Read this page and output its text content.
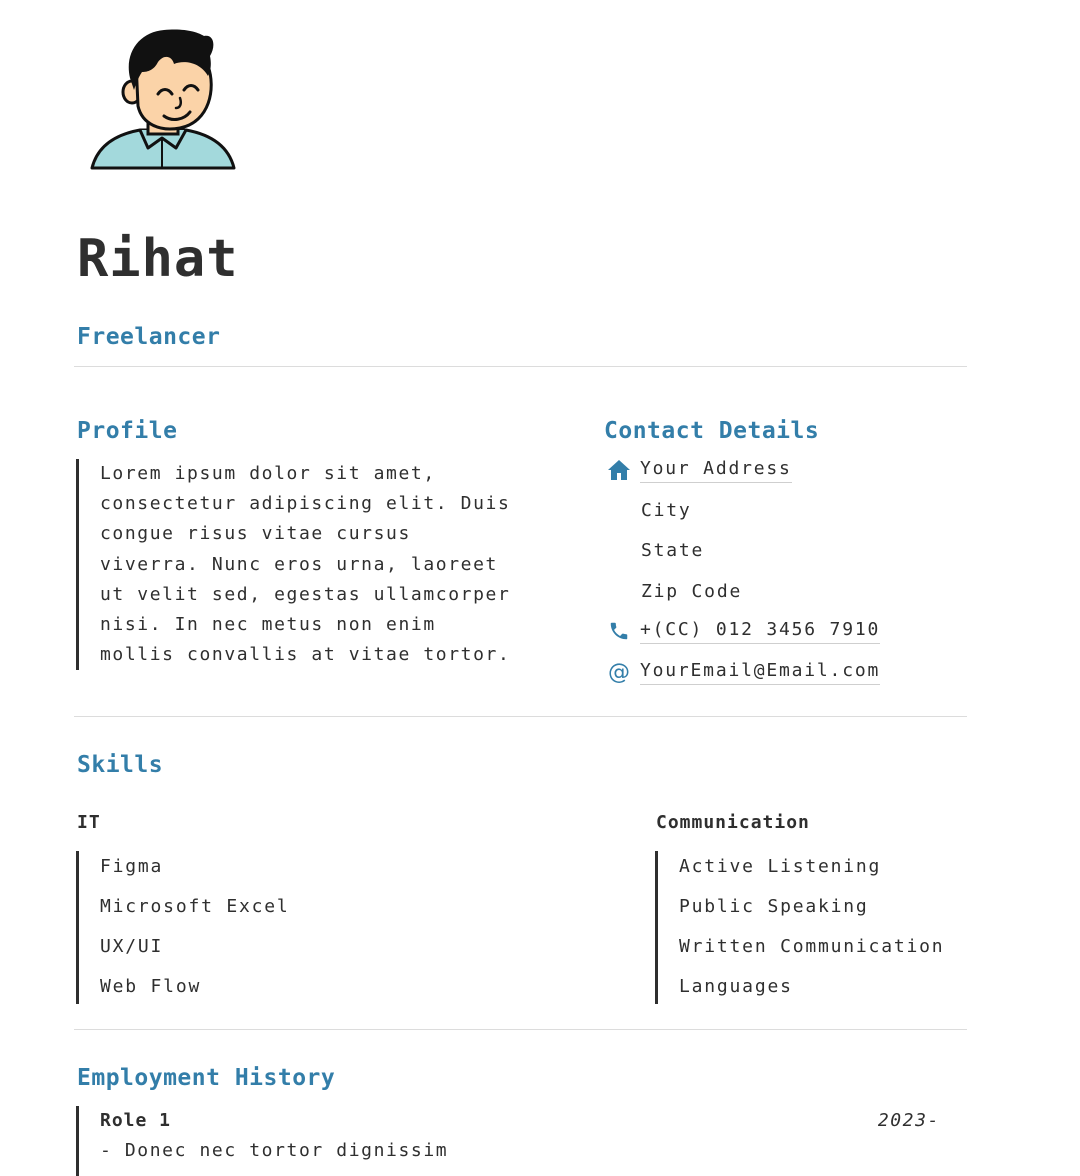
Rihat
Freelancer
Profile
Lorem ipsum dolor sit amet,
consectetur adipiscing elit. Duis
congue risus vitae cursus
viverra. Nunc eros urna, laoreet
ut velit sed, egestas ullamcorper
nisi. In nec metus non enim
mollis convallis at vitae tortor.
Contact Details
Your Address
City
State
Zip Code
+(CC) 012 3456 7910
@ YourEmail@Email.com
Skills
IT
Figma
Microsoft Excel
UX/UI
Web Flow
Communication
Active Listening
Public Speaking
Written Communication
Languages
Employment History
Role 1	2023-
- Donec nec tortor dignissim
